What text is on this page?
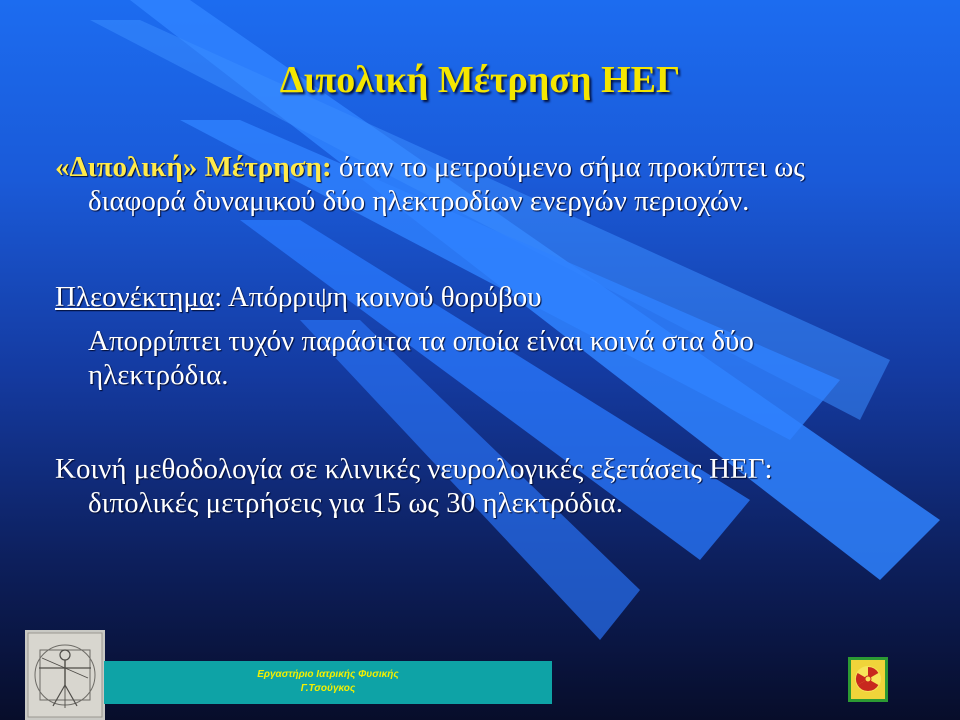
Διπολική Μέτρηση ΗΕΓ
«Διπολική» Μέτρηση: όταν το μετρούμενο σήμα προκύπτει ως
διαφορά δυναμικού δύο ηλεκτροδίων ενεργών περιοχών.
Πλεονέκτημα: Απόρριψη κοινού θορύβου
Απορρίπτει τυχόν παράσιτα τα οποία είναι κοινά στα δύο
ηλεκτρόδια.
Κοινή μεθοδολογία σε κλινικές νευρολογικές εξετάσεις ΗΕΓ:
διπολικές μετρήσεις για 15 ως 30 ηλεκτρόδια.
Εργαστήριο Ιατρικής Φυσικής
Γ.Τσούγκος
